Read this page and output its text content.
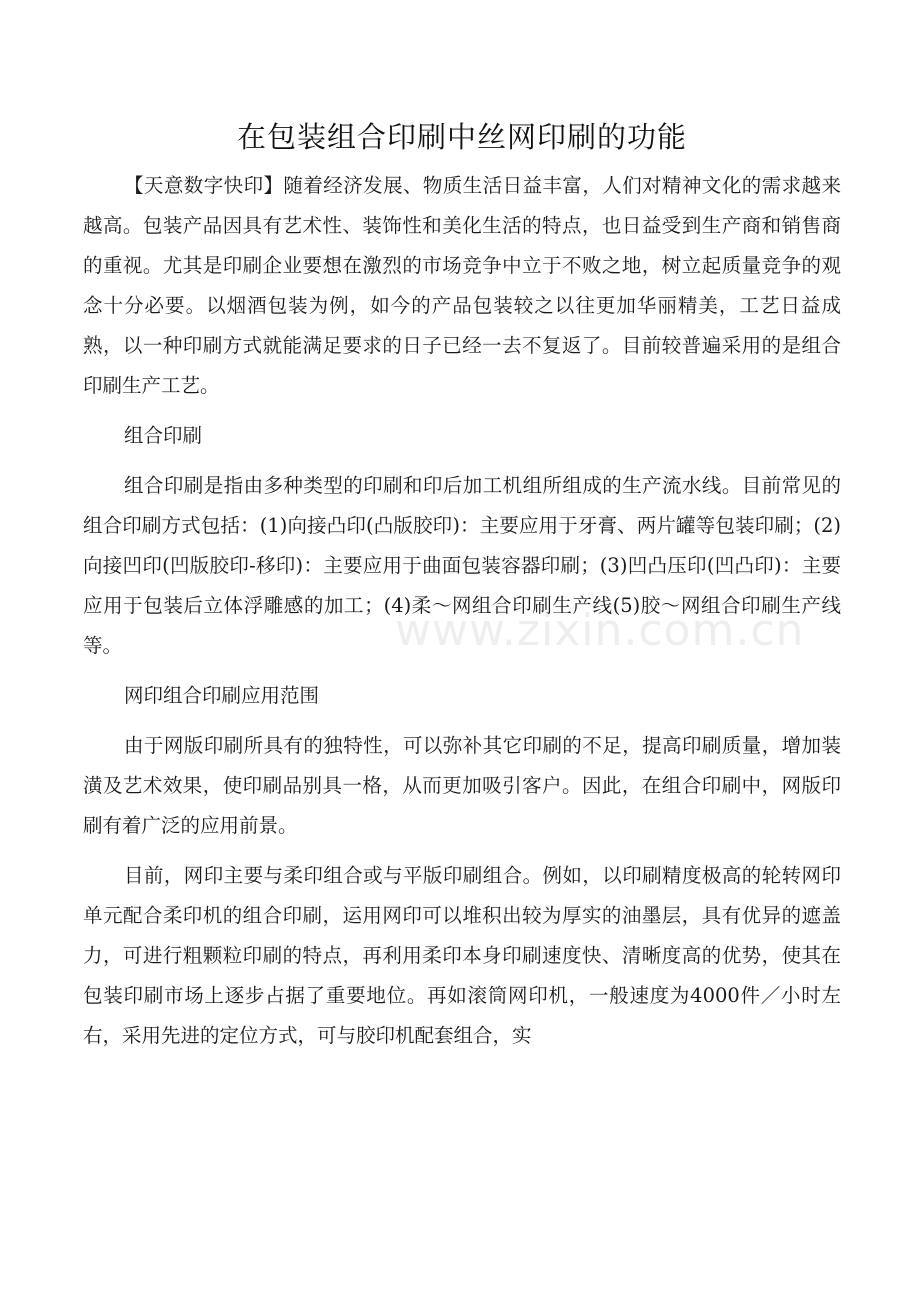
在包装组合印刷中丝网印刷的功能

【天意数字快印】随着经济发展、物质生活日益丰富，人们对精神文化的需求越来越高。包装产品因具有艺术性、装饰性和美化生活的特点，也日益受到生产商和销售商的重视。尤其是印刷企业要想在激烈的市场竞争中立于不败之地，树立起质量竞争的观念十分必要。以烟酒包装为例，如今的产品包装较之以往更加华丽精美，工艺日益成熟，以一种印刷方式就能满足要求的日子已经一去不复返了。目前较普遍采用的是组合印刷生产工艺。

组合印刷

组合印刷是指由多种类型的印刷和印后加工机组所组成的生产流水线。目前常见的组合印刷方式包括：(1)向接凸印(凸版胶印)：主要应用于牙膏、两片罐等包装印刷；(2)向接凹印(凹版胶印-移印)：主要应用于曲面包装容器印刷；(3)凹凸压印(凹凸印)：主要应用于包装后立体浮雕感的加工；(4)柔～网组合印刷生产线(5)胶～网组合印刷生产线等。

网印组合印刷应用范围

由于网版印刷所具有的独特性，可以弥补其它印刷的不足，提高印刷质量，增加装潢及艺术效果，使印刷品别具一格，从而更加吸引客户。因此，在组合印刷中，网版印刷有着广泛的应用前景。

目前，网印主要与柔印组合或与平版印刷组合。例如，以印刷精度极高的轮转网印单元配合柔印机的组合印刷，运用网印可以堆积出较为厚实的油墨层，具有优异的遮盖力，可进行粗颗粒印刷的特点，再利用柔印本身印刷速度快、清晰度高的优势，使其在包装印刷市场上逐步占据了重要地位。再如滚筒网印机，一般速度为4000件／小时左右，采用先进的定位方式，可与胶印机配套组合，实

www.zixin.com.cn
